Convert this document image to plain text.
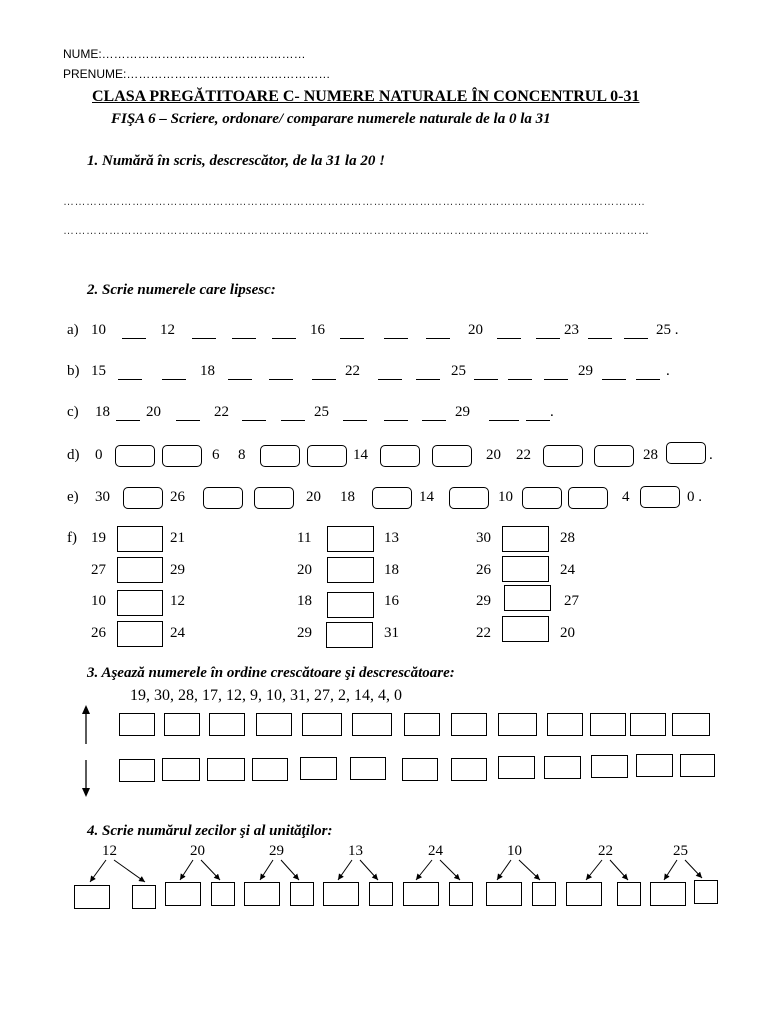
NUME:……………………………………………
PRENUME:……………………………………………
CLASA PREGĂTITOARE C- NUMERE NATURALE ÎN CONCENTRUL 0-31
FIŞA 6 – Scriere, ordonare/ comparare numerele naturale de la 0 la 31
1. Numără în scris, descrescător, de la 31 la 20 !
……………………………………………………………………………………………………………………………………..
………………………………………………………………………………………………………………………………………
2. Scrie numerele care lipsesc:
a) 10	12	16	20	23	25 .
b) 15	18	22	25	29	.
c) 18 20	22	25	29	.
d) 0	6 8	14	20 22	28	.
e) 30	26	20 18	14	10	4	0 .
f) 19	21	11	13	30	28
27	29	20	18	26	24
10	12	18	16	29	27
26	24	29	31	22	20
3. Aşează numerele în ordine crescătoare şi descrescătoare:
19, 30, 28, 17, 12, 9, 10, 31, 27, 2, 14, 4, 0
4. Scrie numărul zecilor şi al unităţilor:
12	20	29	13	24	10	22	25
